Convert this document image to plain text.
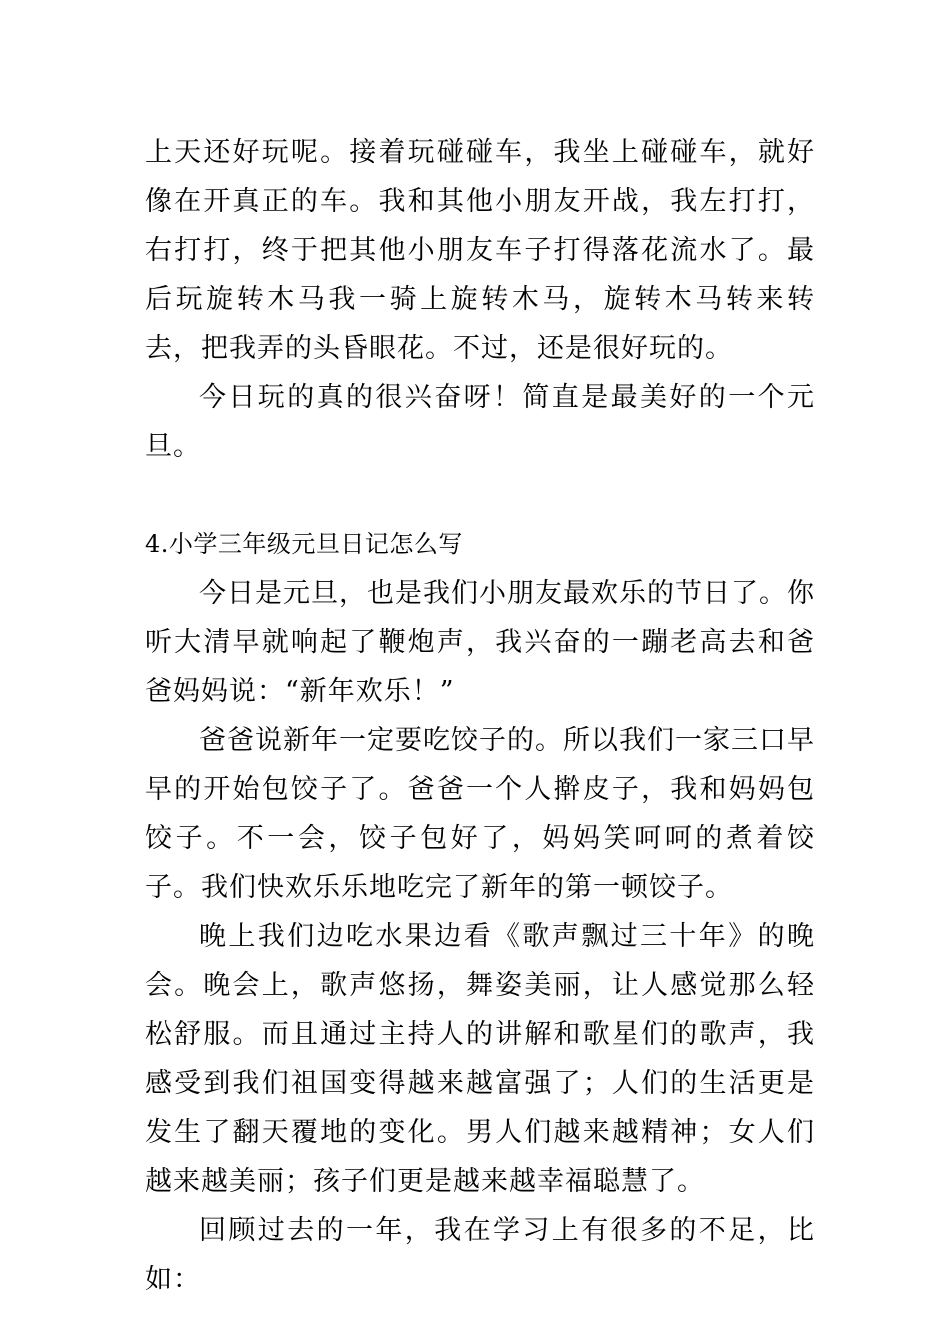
上天还好玩呢。接着玩碰碰车，我坐上碰碰车，就好像在开真正的车。我和其他小朋友开战，我左打打，右打打，终于把其他小朋友车子打得落花流水了。最后玩旋转木马我一骑上旋转木马，旋转木马转来转去，把我弄的头昏眼花。不过，还是很好玩的。

今日玩的真的很兴奋呀！简直是最美好的一个元旦。

4.小学三年级元旦日记怎么写

今日是元旦，也是我们小朋友最欢乐的节日了。你听大清早就响起了鞭炮声，我兴奋的一蹦老高去和爸爸妈妈说：“新年欢乐！”

爸爸说新年一定要吃饺子的。所以我们一家三口早早的开始包饺子了。爸爸一个人擀皮子，我和妈妈包饺子。不一会，饺子包好了，妈妈笑呵呵的煮着饺子。我们快欢乐乐地吃完了新年的第一顿饺子。

晚上我们边吃水果边看《歌声飘过三十年》的晚会。晚会上，歌声悠扬，舞姿美丽，让人感觉那么轻松舒服。而且通过主持人的讲解和歌星们的歌声，我感受到我们祖国变得越来越富强了；人们的生活更是发生了翻天覆地的变化。男人们越来越精神；女人们越来越美丽；孩子们更是越来越幸福聪慧了。

回顾过去的一年，我在学习上有很多的不足，比如：
